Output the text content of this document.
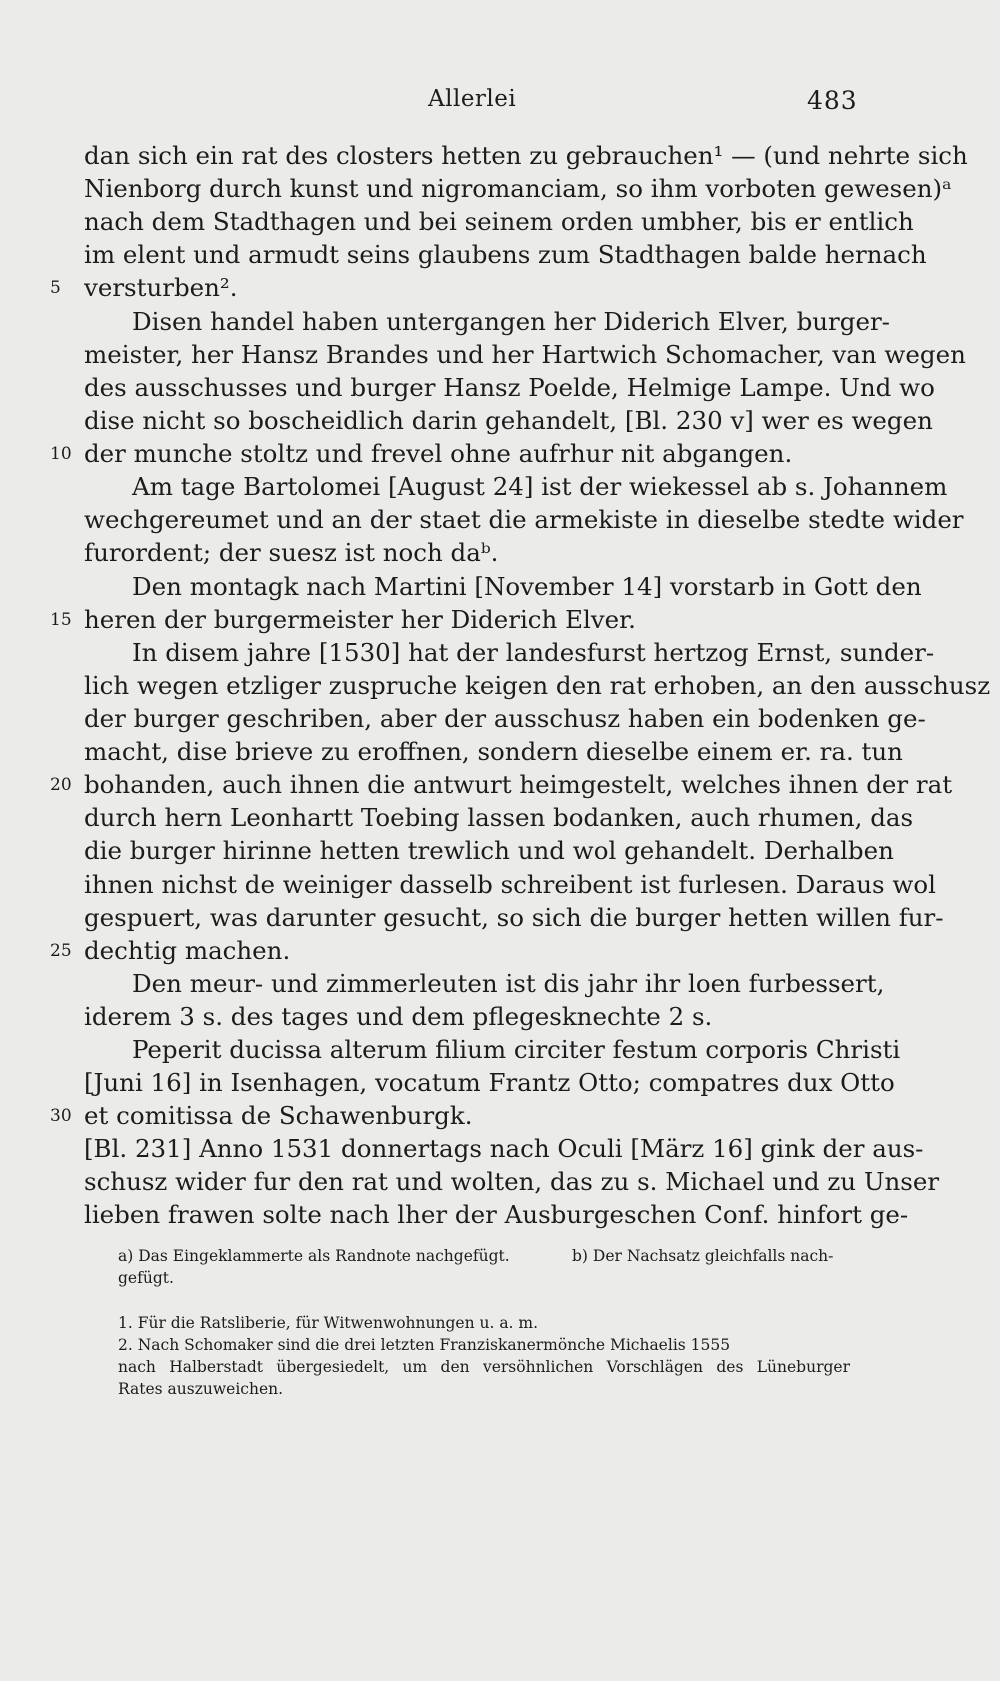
Allerlei	483
dan sich ein rat des closters hetten zu gebrauchen¹ — (und nehrte sich
Nienborg durch kunst und nigromanciam, so ihm vorboten gewesen)ᵃ
nach dem Stadthagen und bei seinem orden umbher, bis er entlich
im elent und armudt seins glaubens zum Stadthagen balde hernach
versturben².
Disen handel haben untergangen her Diderich Elver, burger-
meister, her Hansz Brandes und her Hartwich Schomacher, van wegen
des ausschusses und burger Hansz Poelde, Helmige Lampe. Und wo
dise nicht so boscheidlich darin gehandelt, [Bl. 230 v] wer es wegen
der munche stoltz und frevel ohne aufrhur nit abgangen.
Am tage Bartolomei [August 24] ist der wiekessel ab s. Johannem
wechgereumet und an der staet die armekiste in dieselbe stedte wider
furordent; der suesz ist noch daᵇ.
Den montagk nach Martini [November 14] vorstarb in Gott den
heren der burgermeister her Diderich Elver.
In disem jahre [1530] hat der landesfurst hertzog Ernst, sunder-
lich wegen etzliger zuspruche keigen den rat erhoben, an den ausschusz
der burger geschriben, aber der ausschusz haben ein bodenken ge-
macht, dise brieve zu eroffnen, sondern dieselbe einem er. ra. tun
bohanden, auch ihnen die antwurt heimgestelt, welches ihnen der rat
durch hern Leonhartt Toebing lassen bodanken, auch rhumen, das
die burger hirinne hetten trewlich und wol gehandelt. Derhalben
ihnen nichst de weiniger dasselb schreibent ist furlesen. Daraus wol
gespuert, was darunter gesucht, so sich die burger hetten willen fur-
dechtig machen.
Den meur- und zimmerleuten ist dis jahr ihr loen furbessert,
iderem 3 s. des tages und dem pflegesknechte 2 s.
Peperit ducissa alterum filium circiter festum corporis Christi
[Juni 16] in Isenhagen, vocatum Frantz Otto; compatres dux Otto
et comitissa de Schawenburgk.
[Bl. 231] Anno 1531 donnertags nach Oculi [März 16] gink der aus-
schusz wider fur den rat und wolten, das zu s. Michael und zu Unser
lieben frawen solte nach lher der Ausburgeschen Conf. hinfort ge-
5
10
15
20
25
30
a) Das Eingeklammerte als Randnote nachgefügt.	b) Der Nachsatz gleichfalls nach-
gefügt.
1. Für die Ratsliberie, für Witwenwohnungen u. a. m.
2. Nach Schomaker sind die drei letzten Franziskanermönche Michaelis 1555
nach Halberstadt übergesiedelt, um den versöhnlichen Vorschlägen des Lüneburger
Rates auszuweichen.
